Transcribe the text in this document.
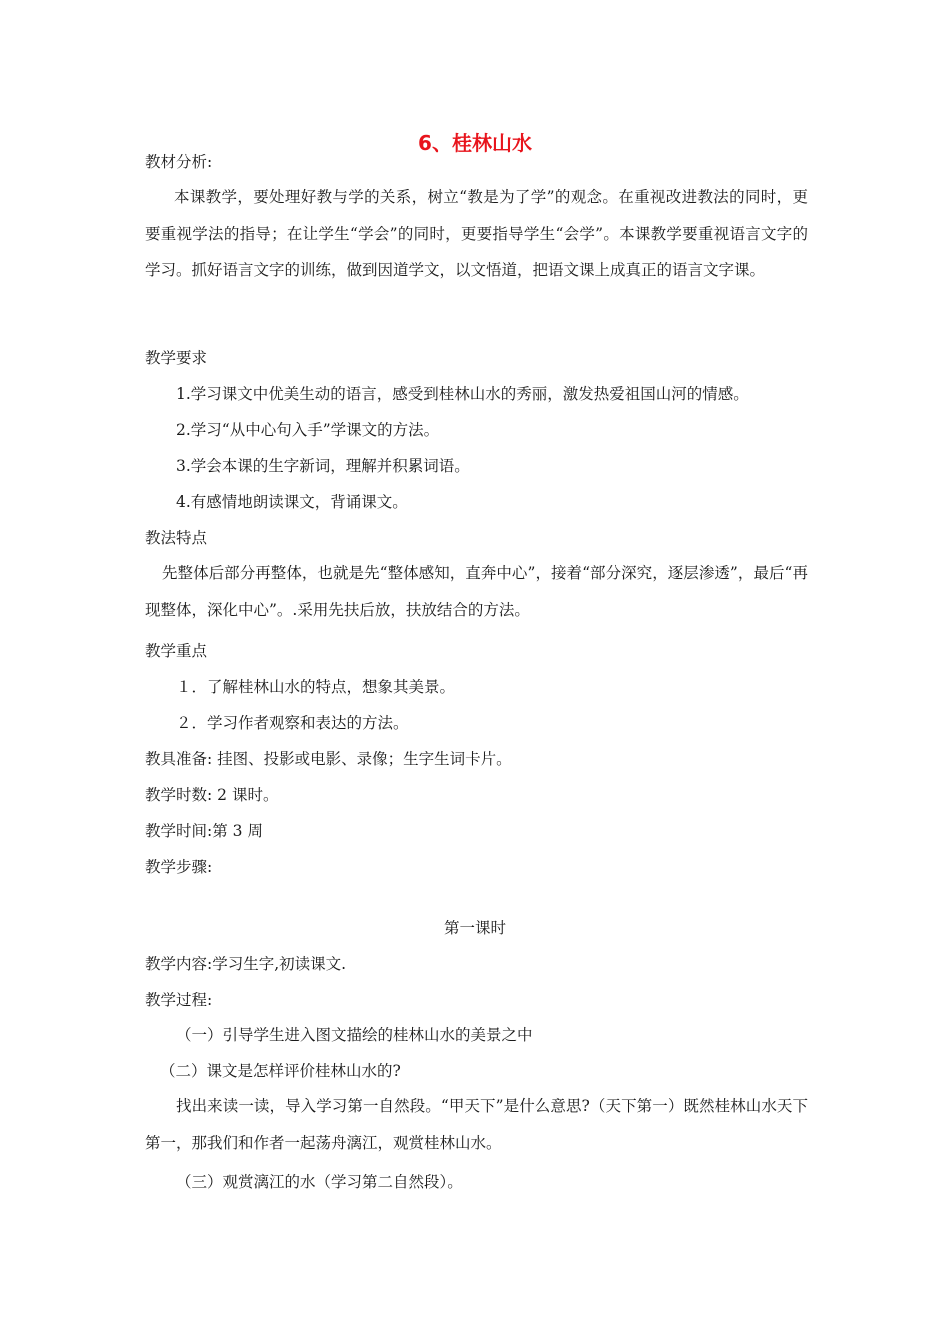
6、桂林山水
教材分析:
本课教学，要处理好教与学的关系，树立“教是为了学”的观念。在重视改进教法的同时，更要重视学法的指导；在让学生“学会”的同时，更要指导学生“会学”。本课教学要重视语言文字的学习。抓好语言文字的训练，做到因道学文，以文悟道，把语文课上成真正的语言文字课。
教学要求
1.学习课文中优美生动的语言，感受到桂林山水的秀丽，激发热爱祖国山河的情感。
2.学习“从中心句入手”学课文的方法。
3.学会本课的生字新词，理解并积累词语。
4.有感情地朗读课文，背诵课文。
教法特点
先整体后部分再整体，也就是先“整体感知，直奔中心”，接着“部分深究，逐层渗透”，最后“再现整体，深化中心”。.采用先扶后放，扶放结合的方法。
教学重点
１．了解桂林山水的特点，想象其美景。
２．学习作者观察和表达的方法。
教具准备: 挂图、投影或电影、录像；生字生词卡片。
教学时数: 2 课时。
教学时间:第 3 周
教学步骤:
第一课时
教学内容:学习生字,初读课文.
教学过程:
（一）引导学生进入图文描绘的桂林山水的美景之中
（二）课文是怎样评价桂林山水的?
找出来读一读，导入学习第一自然段。“甲天下”是什么意思?（天下第一）既然桂林山水天下第一，那我们和作者一起荡舟漓江，观赏桂林山水。
（三）观赏漓江的水（学习第二自然段）。
